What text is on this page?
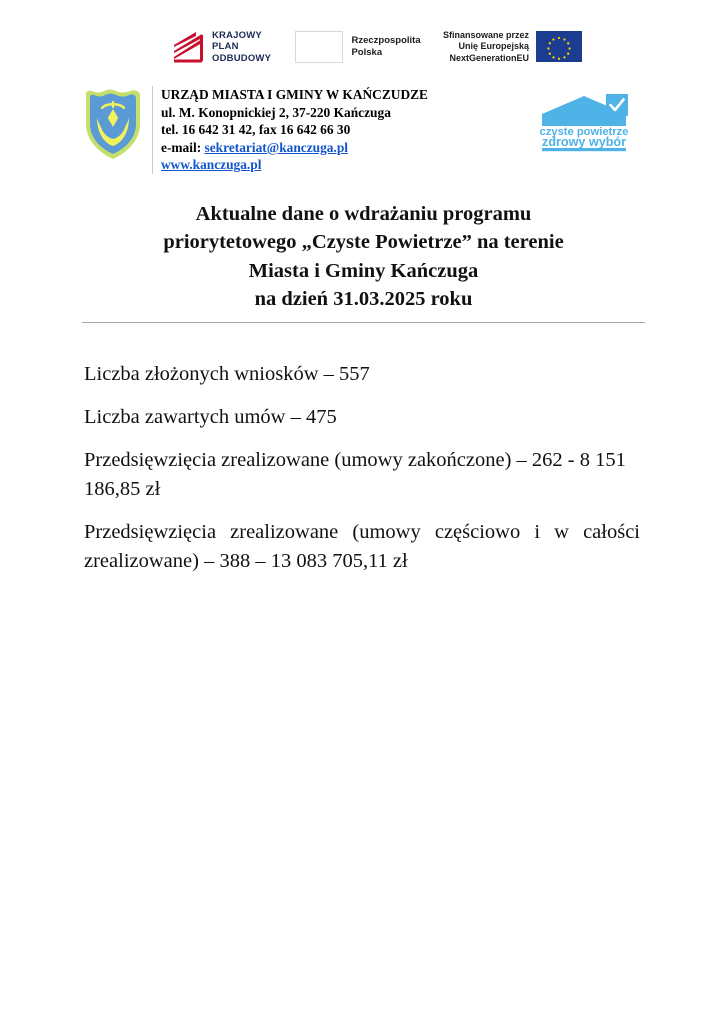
KRAJOWY
PLAN
ODBUDOWY
Rzeczpospolita
Polska
Sfinansowane przez
Unię Europejską
NextGenerationEU
URZĄD MIASTA I GMINY W KAŃCZUDZE
ul. M. Konopnickiej 2, 37-220 Kańczuga
tel. 16 642 31 42, fax 16 642 66 30
e-mail: sekretariat@kanczuga.pl
www.kanczuga.pl
czyste powietrze
zdrowy wybór
Aktualne dane o wdrażaniu programu
priorytetowego „Czyste Powietrze” na terenie
Miasta i Gminy Kańczuga
na dzień 31.03.2025 roku

Liczba złożonych wniosków – 557

Liczba zawartych umów – 475

Przedsięwzięcia zrealizowane (umowy zakończone) – 262 - 8 151 186,85 zł

Przedsięwzięcia zrealizowane (umowy częściowo i w całości zrealizowane) – 388 – 13 083 705,11 zł
